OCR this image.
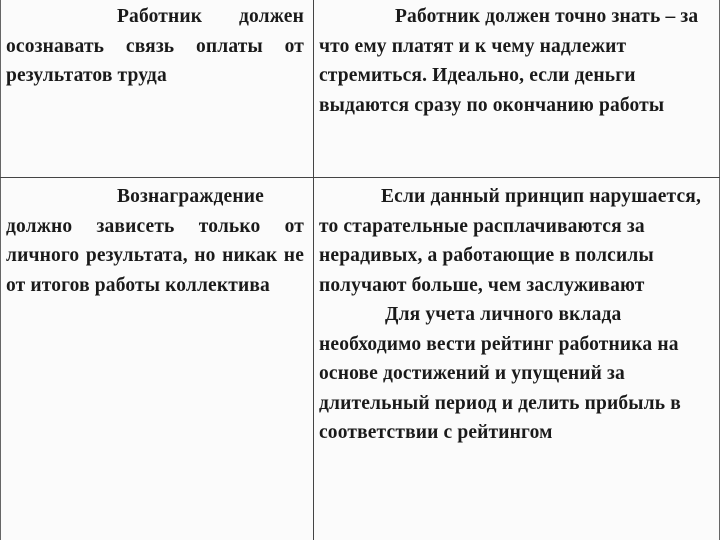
Работник должен осознавать связь оплаты от результатов труда

Работник должен точно знать – за что ему платят и к чему надлежит стремиться. Идеально, если деньги выдаются сразу по окончанию работы

Вознаграждение должно зависеть только от личного результата, но никак не от итогов работы коллектива

Если данный принцип нарушается, то старательные расплачиваются за нерадивых, а работающие в полсилы получают больше, чем заслуживают

Для учета личного вклада необходимо вести рейтинг работника на основе достижений и упущений за длительный период и делить прибыль в соответствии с рейтингом
